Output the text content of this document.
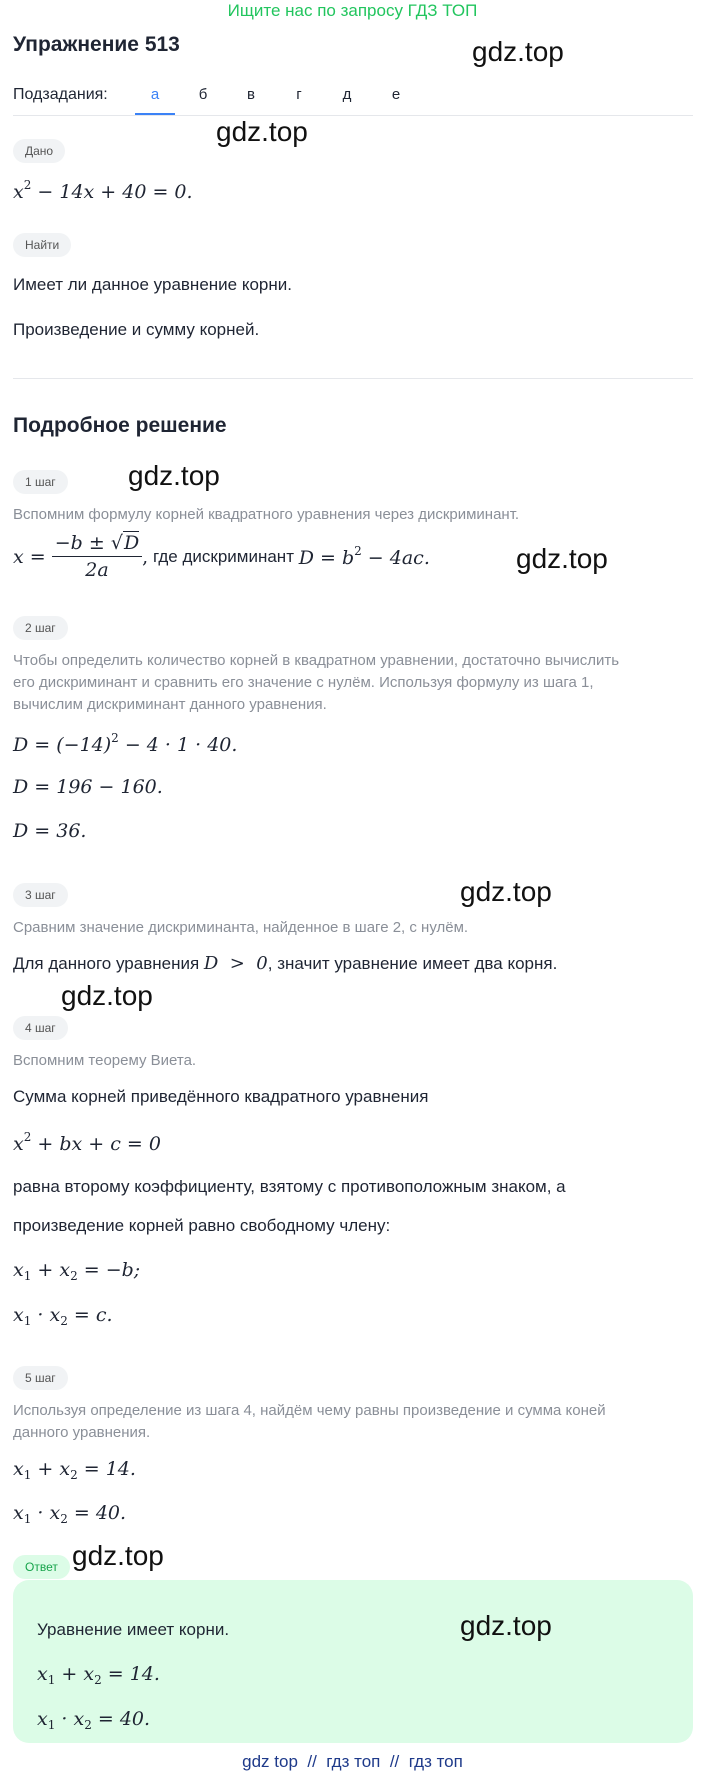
Ищите нас по запросу ГДЗ ТОП
Упражнение 513	gdz.top
Подзадания:	а	б	в	г	д	е
Дано
gdz.top
$x^2 - 14x + 40 = 0$.
Найти
Имеет ли данное уравнение корни.
Произведение и сумму корней.
Подробное решение
1 шаг	gdz.top
Вспомним формулу корней квадратного уравнения через дискриминант.
x =
$\frac{-b \pm √D}{2a}$ , где дискриминант $D = b^2 - 4ac$.	gdz.top
2 шаг
Чтобы определить количество корней в квадратном уравнении, достаточно вычислить
его дискриминант и сравнить его значение с нулём. Используя формулу из шага 1,
вычислим дискриминант данного уравнения.
$D = (-14)^2 - 4 \cdot 1 \cdot 40$.
D = 196 − 160.
D = 36.
3 шаг	gdz.top
Сравним значение дискриминанта, найденное в шаге 2, с нулём.
Для данного уравнения D  >  0, значит уравнение имеет два корня.
gdz.top
4 шаг
Вспомним теорему Виета.
Сумма корней приведённого квадратного уравнения
$x^2$ + bx + c = 0
равна второму коэффициенту, взятому с противоположным знаком, а
произведение корней равно свободному члену:
$x_1 + x_2 = -b$;
$x_1 \cdot x_2 = c$.
5 шаг
Используя определение из шага 4, найдём чему равны произведение и сумма коней
данного уравнения.
$x_1 + x_2 = 14$.
$x_1 \cdot x_2 = 40$.
Ответ gdz.top
Уравнение имеет корни.	gdz.top
$x_1 + x_2 = 14$.
$x_1 \cdot x_2 = 40$.
gdz top  //  гдз топ  //  гдз топ
